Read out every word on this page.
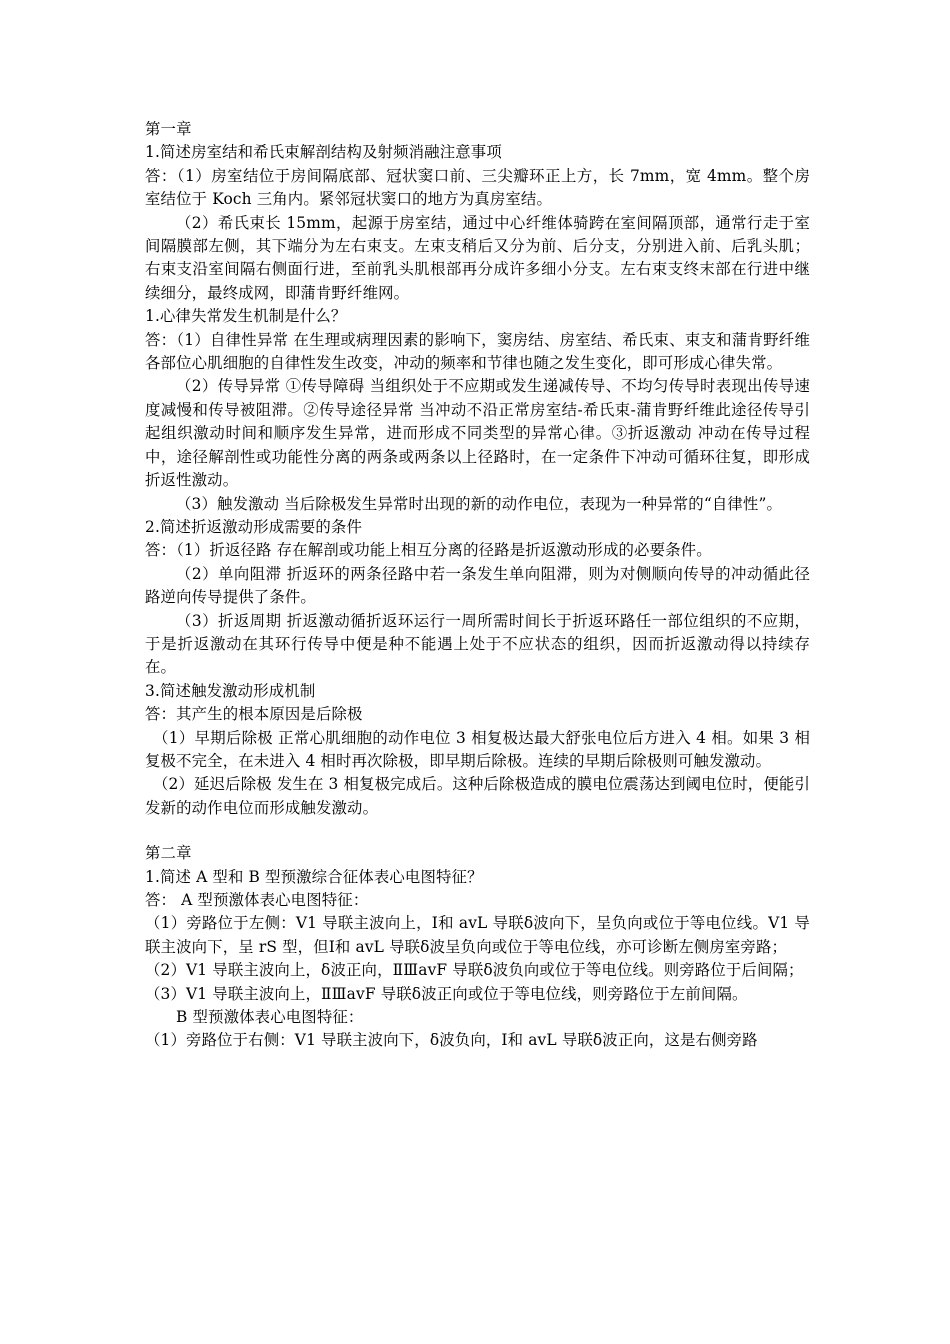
第一章

1.简述房室结和希氏束解剖结构及射频消融注意事项

答：（1）房室结位于房间隔底部、冠状窦口前、三尖瓣环正上方，长 7mm，宽 4mm。整个房室结位于 Koch 三角内。紧邻冠状窦口的地方为真房室结。

（2）希氏束长 15mm，起源于房室结，通过中心纤维体骑跨在室间隔顶部，通常行走于室间隔膜部左侧，其下端分为左右束支。左束支稍后又分为前、后分支，分别进入前、后乳头肌；右束支沿室间隔右侧面行进，至前乳头肌根部再分成许多细小分支。左右束支终末部在行进中继续细分，最终成网，即蒲肯野纤维网。

1.心律失常发生机制是什么？

答：（1）自律性异常 在生理或病理因素的影响下，窦房结、房室结、希氏束、束支和蒲肯野纤维各部位心肌细胞的自律性发生改变，冲动的频率和节律也随之发生变化，即可形成心律失常。

（2）传导异常 ①传导障碍 当组织处于不应期或发生递减传导、不均匀传导时表现出传导速度减慢和传导被阻滞。②传导途径异常 当冲动不沿正常房室结-希氏束-蒲肯野纤维此途径传导引起组织激动时间和顺序发生异常，进而形成不同类型的异常心律。③折返激动 冲动在传导过程中，途径解剖性或功能性分离的两条或两条以上径路时，在一定条件下冲动可循环往复，即形成折返性激动。

（3）触发激动 当后除极发生异常时出现的新的动作电位，表现为一种异常的“自律性”。

2.简述折返激动形成需要的条件

答：（1）折返径路 存在解剖或功能上相互分离的径路是折返激动形成的必要条件。

（2）单向阻滞 折返环的两条径路中若一条发生单向阻滞，则为对侧顺向传导的冲动循此径路逆向传导提供了条件。

（3）折返周期 折返激动循折返环运行一周所需时间长于折返环路任一部位组织的不应期，于是折返激动在其环行传导中便是种不能遇上处于不应状态的组织，因而折返激动得以持续存在。

3.简述触发激动形成机制

答：其产生的根本原因是后除极

（1）早期后除极 正常心肌细胞的动作电位 3 相复极达最大舒张电位后方进入 4 相。如果 3 相复极不完全，在未进入 4 相时再次除极，即早期后除极。连续的早期后除极则可触发激动。

（2）延迟后除极 发生在 3 相复极完成后。这种后除极造成的膜电位震荡达到阈电位时，便能引发新的动作电位而形成触发激动。

第二章

1.简述 A 型和 B 型预激综合征体表心电图特征？

答： A 型预激体表心电图特征：

（1）旁路位于左侧：V1 导联主波向上，Ⅰ和 avL 导联δ波向下，呈负向或位于等电位线。V1 导联主波向下，呈 rS 型，但Ⅰ和 avL 导联δ波呈负向或位于等电位线，亦可诊断左侧房室旁路；

（2）V1 导联主波向上，δ波正向，ⅡⅢavF 导联δ波负向或位于等电位线。则旁路位于后间隔；

（3）V1 导联主波向上，ⅡⅢavF 导联δ波正向或位于等电位线，则旁路位于左前间隔。

B 型预激体表心电图特征：

（1）旁路位于右侧：V1 导联主波向下，δ波负向，Ⅰ和 avL 导联δ波正向，这是右侧旁路
